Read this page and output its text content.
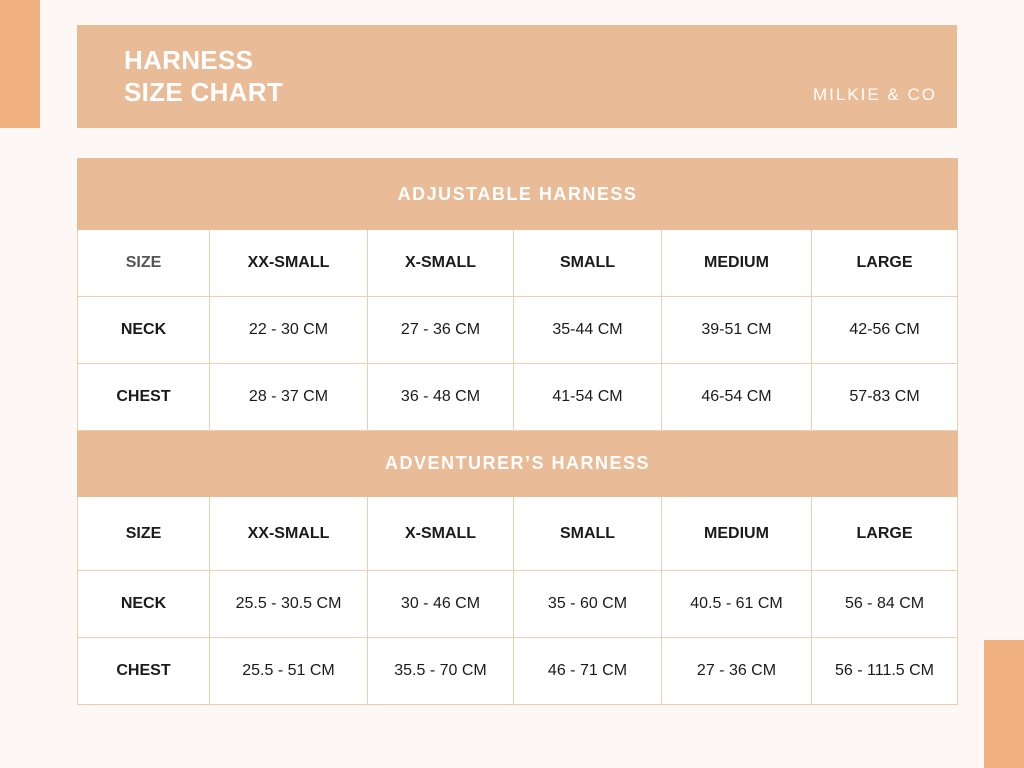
HARNESS
SIZE CHART	MILKIE & CO
ADJUSTABLE HARNESS					
SIZE	XX-SMALL	X-SMALL	SMALL	MEDIUM	LARGE
NECK	22 - 30 CM	27 - 36 CM	35-44 CM	39-51 CM	42-56 CM
CHEST	28 - 37 CM	36 - 48 CM	41-54 CM	46-54 CM	57-83 CM
ADVENTURER’S HARNESS					
SIZE	XX-SMALL	X-SMALL	SMALL	MEDIUM	LARGE
NECK	25.5 - 30.5 CM	30 - 46 CM	35 - 60 CM	40.5 - 61 CM	56 - 84 CM
CHEST	25.5 - 51 CM	35.5 - 70 CM	46 - 71 CM	27 - 36 CM	56 - 111.5 CM
